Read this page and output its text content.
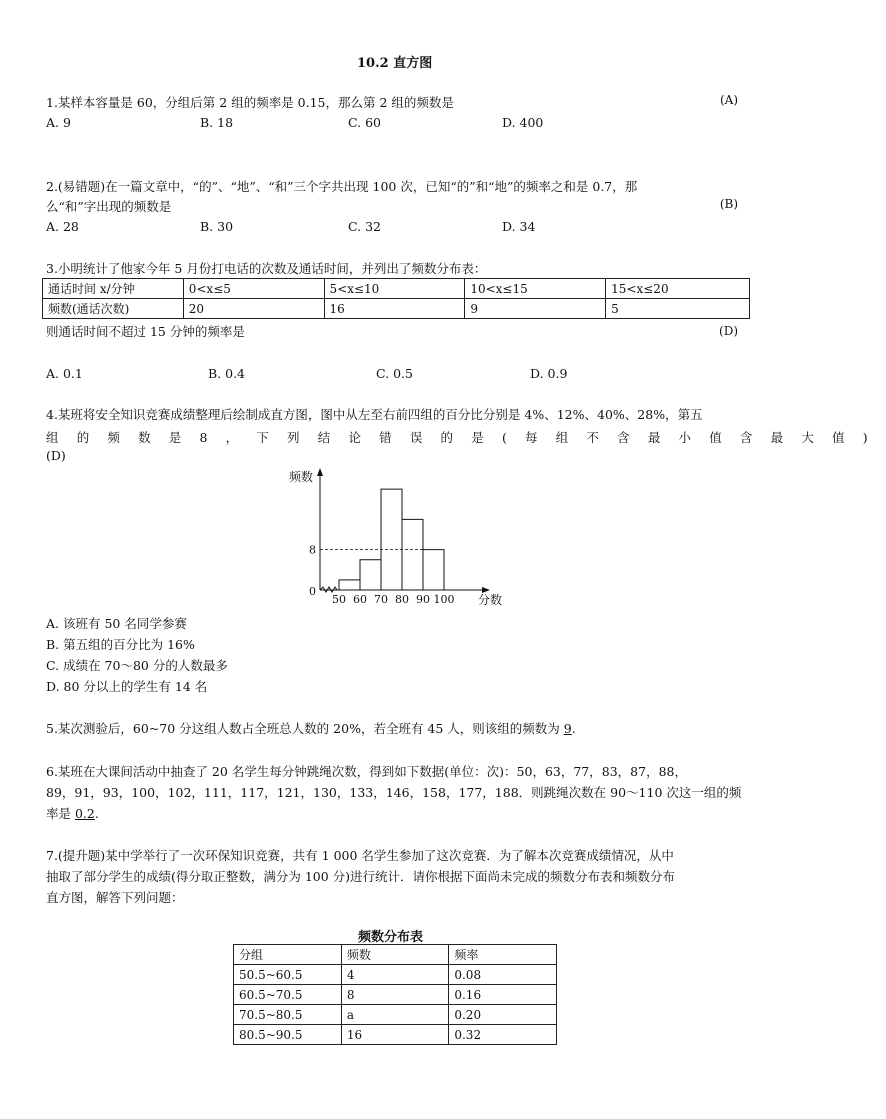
10.2 直方图
1.某样本容量是 60，分组后第 2 组的频率是 0.15，那么第 2 组的频数是	(A)
A. 9	B. 18	C. 60	D. 400
2.(易错题)在一篇文章中，“的”、“地”、“和”三个字共出现 100 次，已知“的”和“地”的频率之和是 0.7，那
么“和”字出现的频数是	(B)
A. 28	B. 30	C. 32	D. 34
3.小明统计了他家今年 5 月份打电话的次数及通话时间，并列出了频数分布表：
通话时间 x/分钟	0<x≤5	5<x≤10	10<x≤15	15<x≤20
频数(通话次数)	20	16	9	5
则通话时间不超过 15 分钟的频率是	(D)
A. 0.1	B. 0.4	C. 0.5	D. 0.9
4.某班将安全知识竞赛成绩整理后绘制成直方图，图中从左至右前四组的百分比分别是 4%、12%、40%、28%，第五
组的频数是8，下列结论错误的是(每组不含最小值含最大值)
(D)
8
0
50 60 70 80 90 100 分数
频数
A. 该班有 50 名同学参赛
B. 第五组的百分比为 16%
C. 成绩在 70～80 分的人数最多
D. 80 分以上的学生有 14 名
5.某次测验后，60~70 分这组人数占全班总人数的 20%，若全班有 45 人，则该组的频数为 9.
6.某班在大课间活动中抽查了 20 名学生每分钟跳绳次数，得到如下数据(单位：次)：50，63，77，83，87，88，
89，91，93，100，102，111，117，121，130，133，146，158，177，188．则跳绳次数在 90～110 次这一组的频
率是 0.2.
7.(提升题)某中学举行了一次环保知识竞赛，共有 1 000 名学生参加了这次竞赛．为了解本次竞赛成绩情况，从中
抽取了部分学生的成绩(得分取正整数，满分为 100 分)进行统计．请你根据下面尚未完成的频数分布表和频数分布
直方图，解答下列问题：
频数分布表
分组	频数	频率
50.5~60.5	4	0.08
60.5~70.5	8	0.16
70.5~80.5	a	0.20
80.5~90.5	16	0.32
